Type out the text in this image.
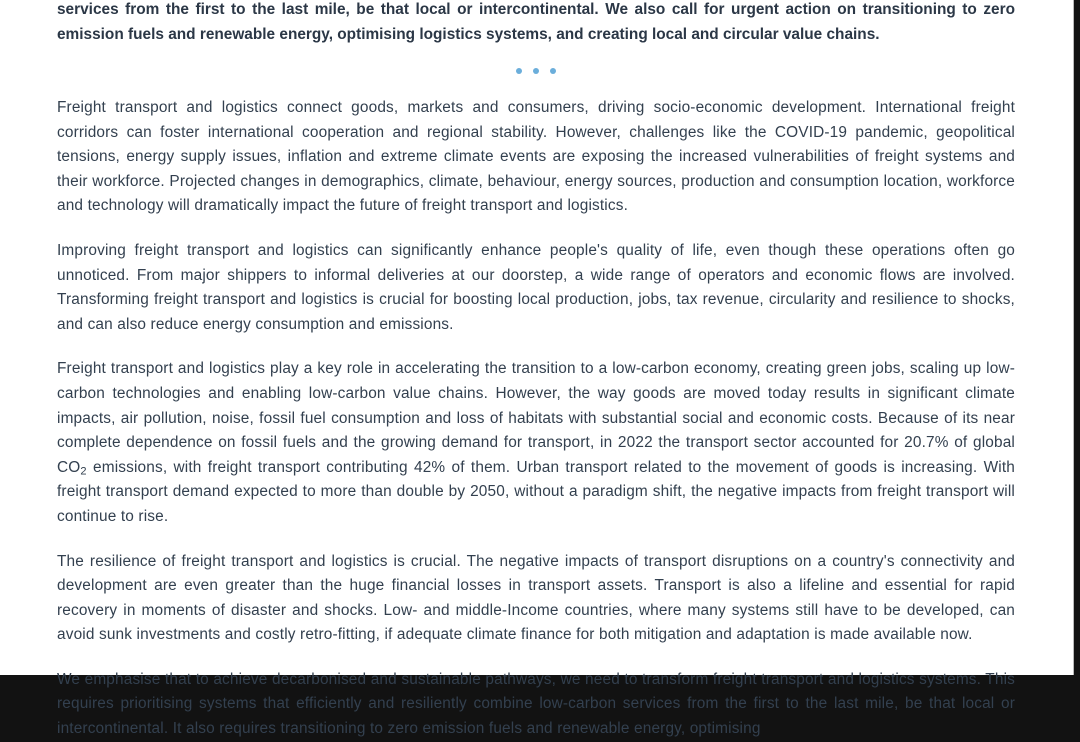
services from the first to the last mile, be that local or intercontinental. We also call for urgent action on transitioning to zero emission fuels and renewable energy, optimising logistics systems, and creating local and circular value chains.

Freight transport and logistics connect goods, markets and consumers, driving socio-economic development. International freight corridors can foster international cooperation and regional stability. However, challenges like the COVID-19 pandemic, geopolitical tensions, energy supply issues, inflation and extreme climate events are exposing the increased vulnerabilities of freight systems and their workforce. Projected changes in demographics, climate, behaviour, energy sources, production and consumption location, workforce and technology will dramatically impact the future of freight transport and logistics.

Improving freight transport and logistics can significantly enhance people's quality of life, even though these operations often go unnoticed. From major shippers to informal deliveries at our doorstep, a wide range of operators and economic flows are involved. Transforming freight transport and logistics is crucial for boosting local production, jobs, tax revenue, circularity and resilience to shocks, and can also reduce energy consumption and emissions.

Freight transport and logistics play a key role in accelerating the transition to a low-carbon economy, creating green jobs, scaling up low-carbon technologies and enabling low-carbon value chains. However, the way goods are moved today results in significant climate impacts, air pollution, noise, fossil fuel consumption and loss of habitats with substantial social and economic costs. Because of its near complete dependence on fossil fuels and the growing demand for transport, in 2022 the transport sector accounted for 20.7% of global $CO_2$ emissions, with freight transport contributing 42% of them. Urban transport related to the movement of goods is increasing. With freight transport demand expected to more than double by 2050, without a paradigm shift, the negative impacts from freight transport will continue to rise.

The resilience of freight transport and logistics is crucial. The negative impacts of transport disruptions on a country's connectivity and development are even greater than the huge financial losses in transport assets. Transport is also a lifeline and essential for rapid recovery in moments of disaster and shocks. Low- and middle-Income countries, where many systems still have to be developed, can avoid sunk investments and costly retro-fitting, if adequate climate finance for both mitigation and adaptation is made available now.

We emphasise that to achieve decarbonised and sustainable pathways, we need to transform freight transport and logistics systems. This requires prioritising systems that efficiently and resiliently combine low-carbon services from the first to the last mile, be that local or intercontinental. It also requires transitioning to zero emission fuels and renewable energy, optimising
